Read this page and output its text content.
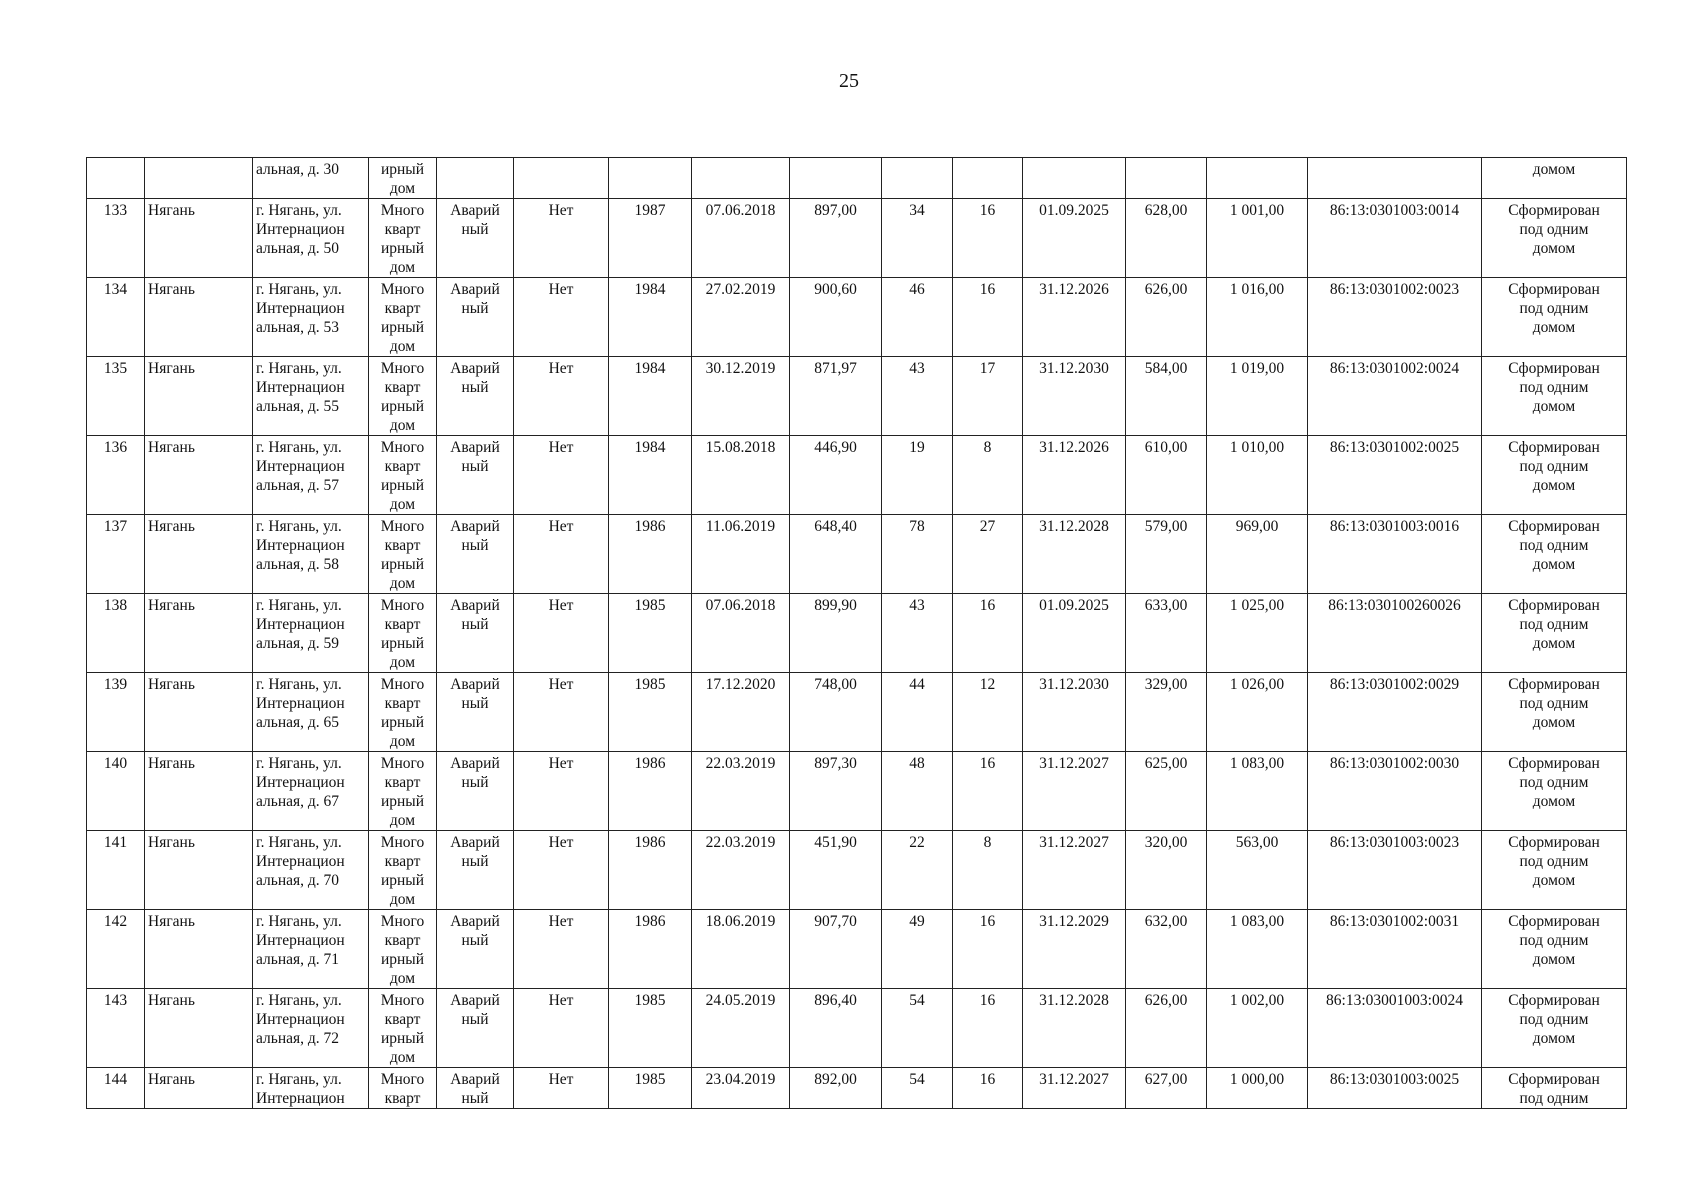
25
		альная, д. 30	ирный
дом												домом
133	Нягань	г. Нягань, ул.
Интернацион
альная, д. 50	Много
кварт
ирный
дом	Аварий
ный	Нет	1987	07.06.2018	897,00	34	16	01.09.2025	628,00	1 001,00	86:13:0301003:0014	Сформирован
под одним
домом
134	Нягань	г. Нягань, ул.
Интернацион
альная, д. 53	Много
кварт
ирный
дом	Аварий
ный	Нет	1984	27.02.2019	900,60	46	16	31.12.2026	626,00	1 016,00	86:13:0301002:0023	Сформирован
под одним
домом
135	Нягань	г. Нягань, ул.
Интернацион
альная, д. 55	Много
кварт
ирный
дом	Аварий
ный	Нет	1984	30.12.2019	871,97	43	17	31.12.2030	584,00	1 019,00	86:13:0301002:0024	Сформирован
под одним
домом
136	Нягань	г. Нягань, ул.
Интернацион
альная, д. 57	Много
кварт
ирный
дом	Аварий
ный	Нет	1984	15.08.2018	446,90	19	8	31.12.2026	610,00	1 010,00	86:13:0301002:0025	Сформирован
под одним
домом
137	Нягань	г. Нягань, ул.
Интернацион
альная, д. 58	Много
кварт
ирный
дом	Аварий
ный	Нет	1986	11.06.2019	648,40	78	27	31.12.2028	579,00	969,00	86:13:0301003:0016	Сформирован
под одним
домом
138	Нягань	г. Нягань, ул.
Интернацион
альная, д. 59	Много
кварт
ирный
дом	Аварий
ный	Нет	1985	07.06.2018	899,90	43	16	01.09.2025	633,00	1 025,00	86:13:030100260026	Сформирован
под одним
домом
139	Нягань	г. Нягань, ул.
Интернацион
альная, д. 65	Много
кварт
ирный
дом	Аварий
ный	Нет	1985	17.12.2020	748,00	44	12	31.12.2030	329,00	1 026,00	86:13:0301002:0029	Сформирован
под одним
домом
140	Нягань	г. Нягань, ул.
Интернацион
альная, д. 67	Много
кварт
ирный
дом	Аварий
ный	Нет	1986	22.03.2019	897,30	48	16	31.12.2027	625,00	1 083,00	86:13:0301002:0030	Сформирован
под одним
домом
141	Нягань	г. Нягань, ул.
Интернацион
альная, д. 70	Много
кварт
ирный
дом	Аварий
ный	Нет	1986	22.03.2019	451,90	22	8	31.12.2027	320,00	563,00	86:13:0301003:0023	Сформирован
под одним
домом
142	Нягань	г. Нягань, ул.
Интернацион
альная, д. 71	Много
кварт
ирный
дом	Аварий
ный	Нет	1986	18.06.2019	907,70	49	16	31.12.2029	632,00	1 083,00	86:13:0301002:0031	Сформирован
под одним
домом
143	Нягань	г. Нягань, ул.
Интернацион
альная, д. 72	Много
кварт
ирный
дом	Аварий
ный	Нет	1985	24.05.2019	896,40	54	16	31.12.2028	626,00	1 002,00	86:13:03001003:0024	Сформирован
под одним
домом
144	Нягань	г. Нягань, ул.
Интернацион	Много
кварт	Аварий
ный	Нет	1985	23.04.2019	892,00	54	16	31.12.2027	627,00	1 000,00	86:13:0301003:0025	Сформирован
под одним
